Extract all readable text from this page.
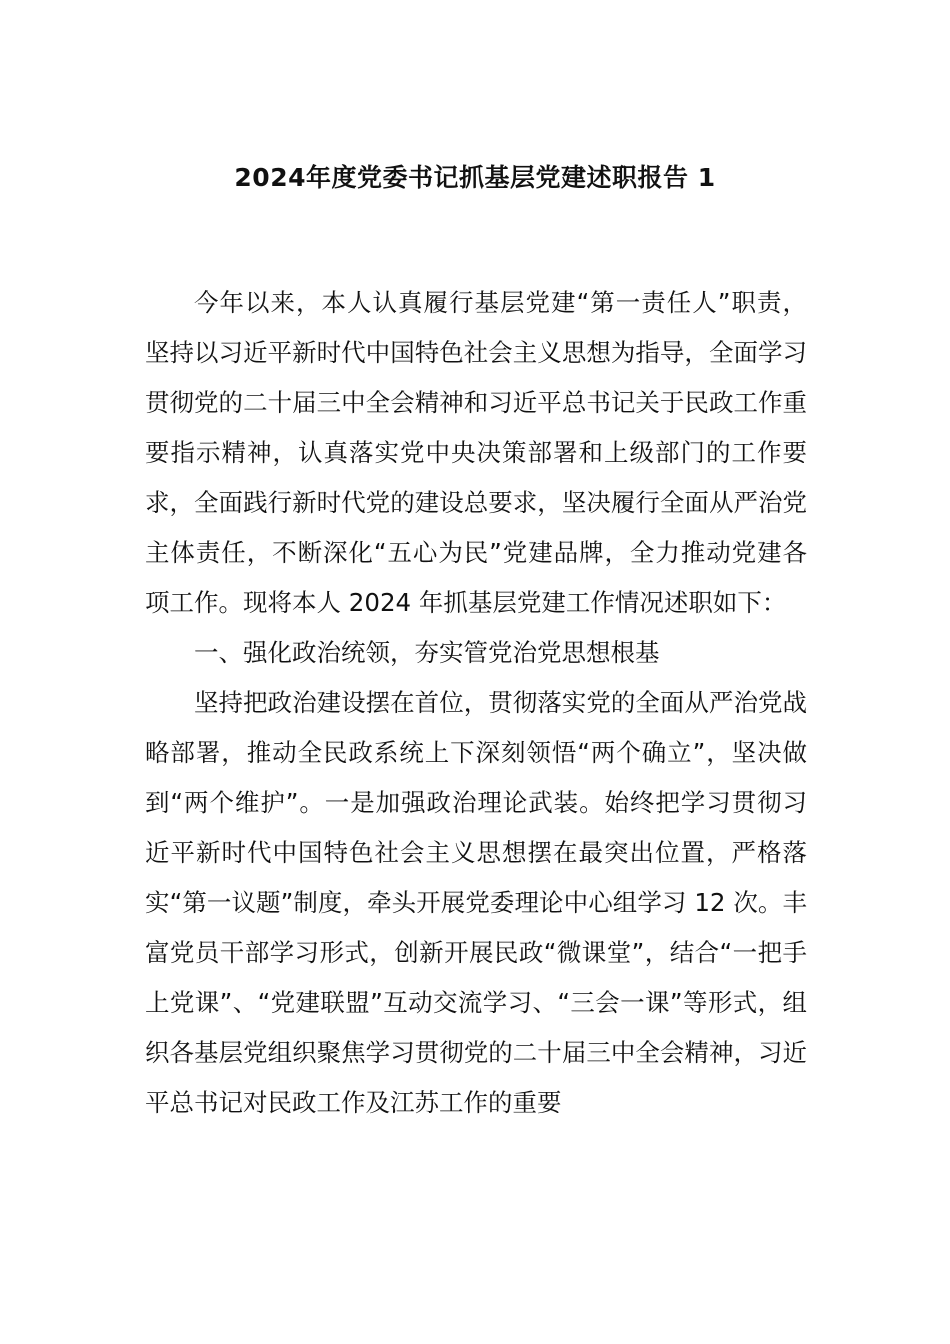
2024年度党委书记抓基层党建述职报告 1

今年以来，本人认真履行基层党建“第一责任人”职责，坚持以习近平新时代中国特色社会主义思想为指导，全面学习贯彻党的二十届三中全会精神和习近平总书记关于民政工作重要指示精神，认真落实党中央决策部署和上级部门的工作要求，全面践行新时代党的建设总要求，坚决履行全面从严治党主体责任，不断深化“五心为民”党建品牌，全力推动党建各项工作。现将本人 2024 年抓基层党建工作情况述职如下：

一、强化政治统领，夯实管党治党思想根基

坚持把政治建设摆在首位，贯彻落实党的全面从严治党战略部署，推动全民政系统上下深刻领悟“两个确立”，坚决做到“两个维护”。一是加强政治理论武装。始终把学习贯彻习近平新时代中国特色社会主义思想摆在最突出位置，严格落实“第一议题”制度，牵头开展党委理论中心组学习 12 次。丰富党员干部学习形式，创新开展民政“微课堂”，结合“一把手上党课”、“党建联盟”互动交流学习、“三会一课”等形式，组织各基层党组织聚焦学习贯彻党的二十届三中全会精神，习近平总书记对民政工作及江苏工作的重要
